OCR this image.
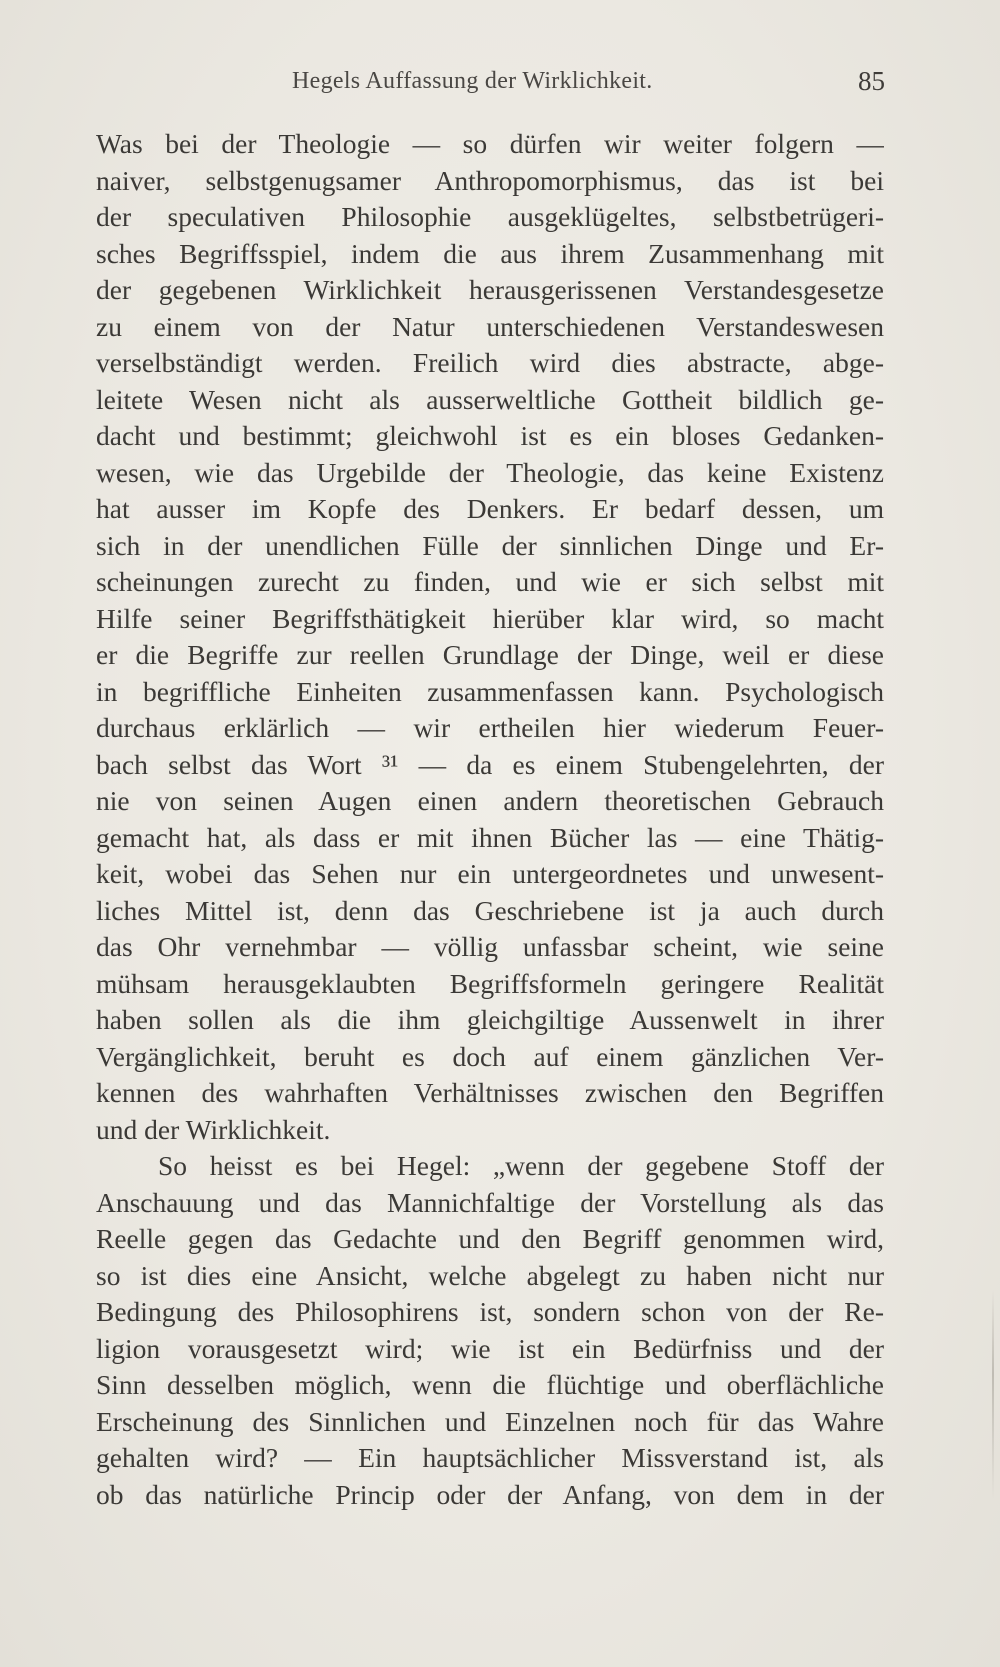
Hegels Auffassung der Wirklichkeit.	85
Was bei der Theologie — so dürfen wir weiter folgern —
naiver, selbstgenugsamer Anthropomorphismus, das ist bei
der speculativen Philosophie ausgeklügeltes, selbstbetrügeri-
sches Begriffsspiel, indem die aus ihrem Zusammenhang mit
der gegebenen Wirklichkeit herausgerissenen Verstandesgesetze
zu einem von der Natur unterschiedenen Verstandeswesen
verselbständigt werden. Freilich wird dies abstracte, abge-
leitete Wesen nicht als ausserweltliche Gottheit bildlich ge-
dacht und bestimmt; gleichwohl ist es ein bloses Gedanken-
wesen, wie das Urgebilde der Theologie, das keine Existenz
hat ausser im Kopfe des Denkers. Er bedarf dessen, um
sich in der unendlichen Fülle der sinnlichen Dinge und Er-
scheinungen zurecht zu finden, und wie er sich selbst mit
Hilfe seiner Begriffsthätigkeit hierüber klar wird, so macht
er die Begriffe zur reellen Grundlage der Dinge, weil er diese
in begriffliche Einheiten zusammenfassen kann. Psychologisch
durchaus erklärlich — wir ertheilen hier wiederum Feuer-
bach selbst das Wort ³¹ — da es einem Stubengelehrten, der
nie von seinen Augen einen andern theoretischen Gebrauch
gemacht hat, als dass er mit ihnen Bücher las — eine Thätig-
keit, wobei das Sehen nur ein untergeordnetes und unwesent-
liches Mittel ist, denn das Geschriebene ist ja auch durch
das Ohr vernehmbar — völlig unfassbar scheint, wie seine
mühsam herausgeklaubten Begriffsformeln geringere Realität
haben sollen als die ihm gleichgiltige Aussenwelt in ihrer
Vergänglichkeit, beruht es doch auf einem gänzlichen Ver-
kennen des wahrhaften Verhältnisses zwischen den Begriffen
und der Wirklichkeit.
So heisst es bei Hegel: „wenn der gegebene Stoff der
Anschauung und das Mannichfaltige der Vorstellung als das
Reelle gegen das Gedachte und den Begriff genommen wird,
so ist dies eine Ansicht, welche abgelegt zu haben nicht nur
Bedingung des Philosophirens ist, sondern schon von der Re-
ligion vorausgesetzt wird; wie ist ein Bedürfniss und der
Sinn desselben möglich, wenn die flüchtige und oberflächliche
Erscheinung des Sinnlichen und Einzelnen noch für das Wahre
gehalten wird? — Ein hauptsächlicher Missverstand ist, als
ob das natürliche Princip oder der Anfang, von dem in der
